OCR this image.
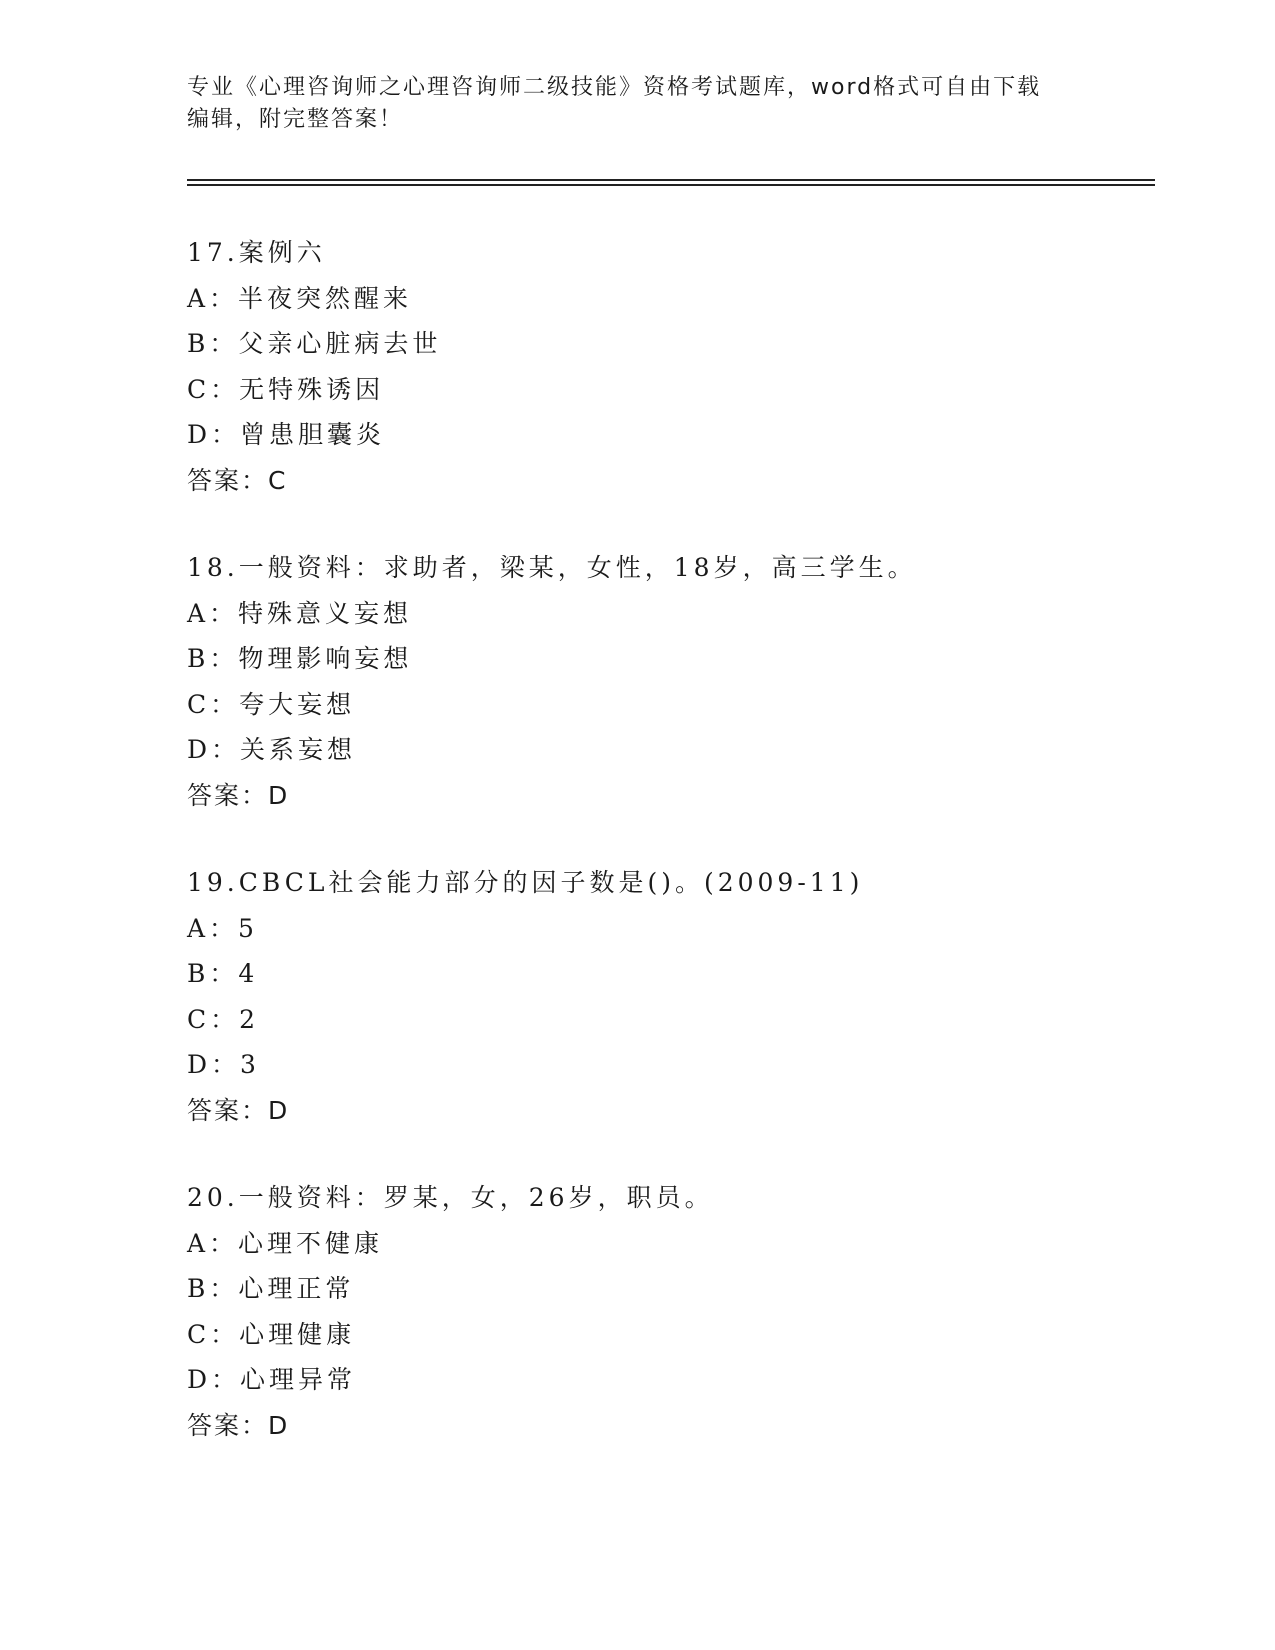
专业《心理咨询师之心理咨询师二级技能》资格考试题库，word格式可自由下载
编辑，附完整答案！
17.案例六
A：半夜突然醒来
B：父亲心脏病去世
C：无特殊诱因
D：曾患胆囊炎
答案：C
18.一般资料：求助者，梁某，女性，18岁，高三学生。
A：特殊意义妄想
B：物理影响妄想
C：夸大妄想
D：关系妄想
答案：D
19.CBCL社会能力部分的因子数是()。(2009-11)
A：5
B：4
C：2
D：3
答案：D
20.一般资料：罗某，女，26岁，职员。
A：心理不健康
B：心理正常
C：心理健康
D：心理异常
答案：D
